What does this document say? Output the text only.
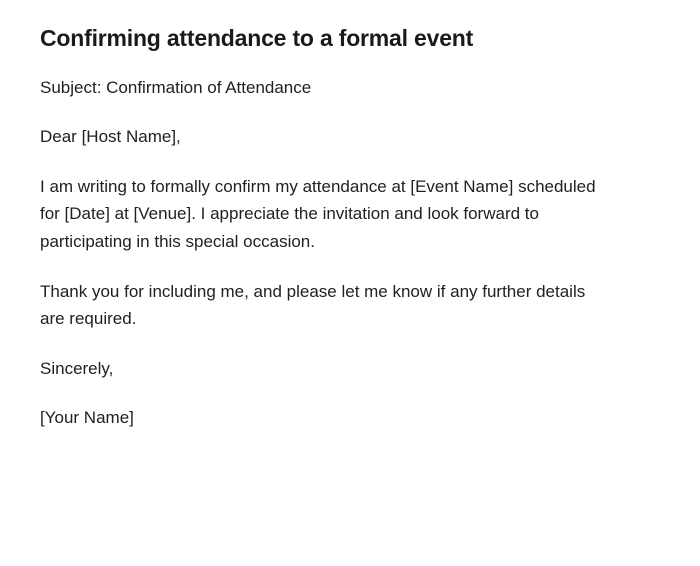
Confirming attendance to a formal event

Subject: Confirmation of Attendance

Dear [Host Name],

I am writing to formally confirm my attendance at [Event Name] scheduled for [Date] at [Venue]. I appreciate the invitation and look forward to participating in this special occasion.

Thank you for including me, and please let me know if any further details are required.

Sincerely,

[Your Name]
